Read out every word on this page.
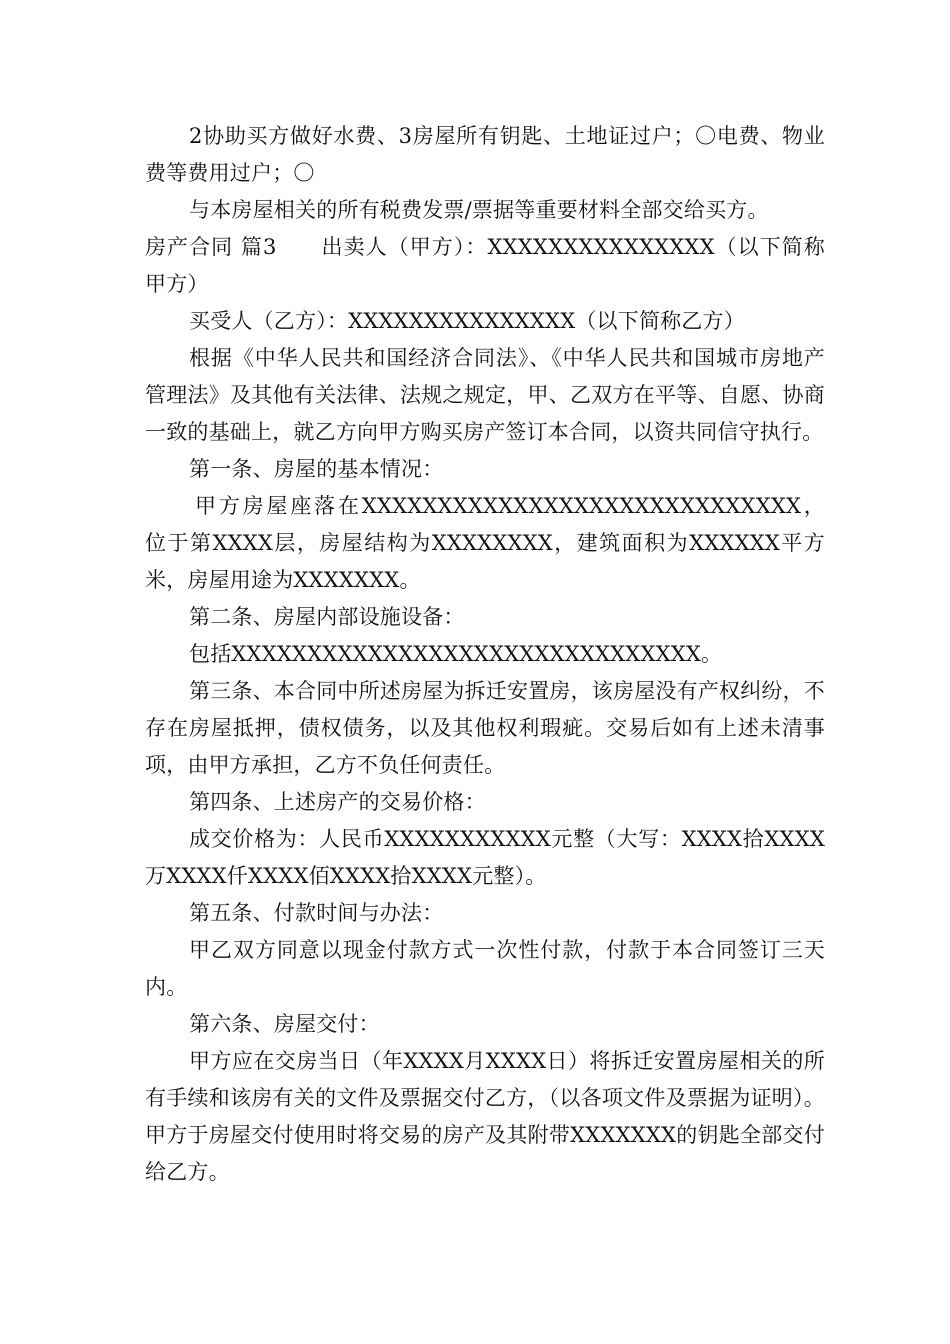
2协助买方做好水费、3房屋所有钥匙、土地证过户；〇电费、物业费等费用过户；〇

与本房屋相关的所有税费发票/票据等重要材料全部交给买方。

房产合同 篇3　　出卖人（甲方）：XXXXXXXXXXXXXXX（以下简称甲方）

买受人（乙方）：XXXXXXXXXXXXXXX（以下简称乙方）

根据《中华人民共和国经济合同法》、《中华人民共和国城市房地产管理法》及其他有关法律、法规之规定，甲、乙双方在平等、自愿、协商一致的基础上，就乙方向甲方购买房产签订本合同，以资共同信守执行。

第一条、房屋的基本情况：

甲方房屋座落在XXXXXXXXXXXXXXXXXXXXXXXXXXXXX，位于第XXXX层，房屋结构为XXXXXXXX，建筑面积为XXXXXX平方米，房屋用途为XXXXXXX。

第二条、房屋内部设施设备：

包括XXXXXXXXXXXXXXXXXXXXXXXXXXXXXXX。

第三条、本合同中所述房屋为拆迁安置房，该房屋没有产权纠纷，不存在房屋抵押，债权债务，以及其他权利瑕疵。交易后如有上述未清事项，由甲方承担，乙方不负任何责任。

第四条、上述房产的交易价格：

成交价格为：人民币XXXXXXXXXXX元整（大写：XXXX拾XXXX万XXXX仟XXXX佰XXXX拾XXXX元整）。

第五条、付款时间与办法：

甲乙双方同意以现金付款方式一次性付款，付款于本合同签订三天内。

第六条、房屋交付：

甲方应在交房当日（年XXXX月XXXX日）将拆迁安置房屋相关的所有手续和该房有关的文件及票据交付乙方，（以各项文件及票据为证明）。甲方于房屋交付使用时将交易的房产及其附带XXXXXXX的钥匙全部交付给乙方。
